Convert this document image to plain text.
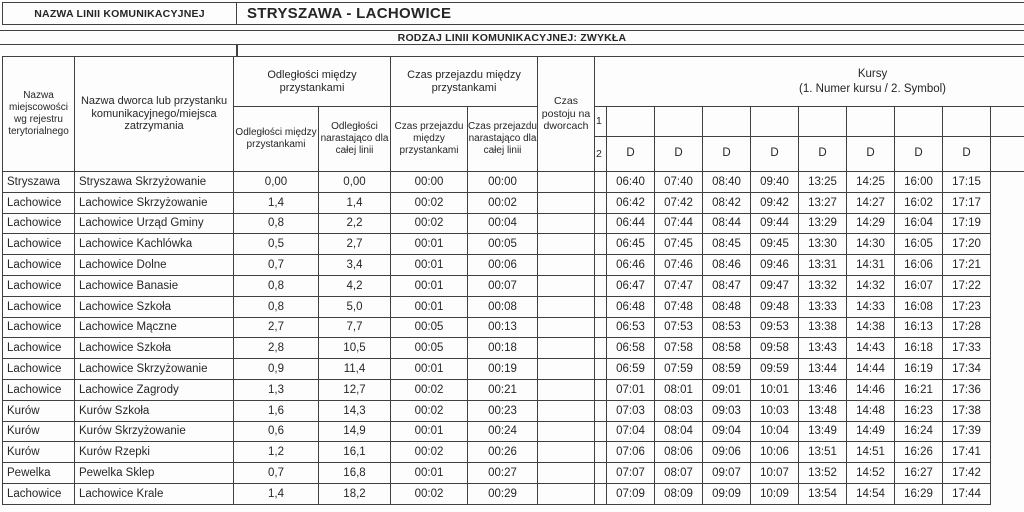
NAZWA LINII KOMUNIKACYJNEJ	STRYSZAWA - LACHOWICE
RODZAJ LINII KOMUNIKACYJNEJ: ZWYKŁA
Nazwa miejscowości wg rejestru terytorialnego	Nazwa dworca lub przystanku komunikacyjnego/miejsca zatrzymania	Odległości między przystankami		Czas przejazdu między przystankami		Czas postoju na dworcach	Kursy
(1. Numer kursu / 2. Symbol)									

		Odległości między przystankami	Odległości narastająco dla całej linii	Czas przejazdu między przystankami	Czas przejazdu narastająco dla całej linii		1									
							2	D	D	D	D	D	D	D	D	
Stryszawa	Stryszawa Skrzyżowanie	0,00	0,00	00:00	00:00			06:40	07:40	08:40	09:40	13:25	14:25	16:00	17:15	
Lachowice	Lachowice Skrzyżowanie	1,4	1,4	00:02	00:02			06:42	07:42	08:42	09:42	13:27	14:27	16:02	17:17	
Lachowice	Lachowice Urząd Gminy	0,8	2,2	00:02	00:04			06:44	07:44	08:44	09:44	13:29	14:29	16:04	17:19	
Lachowice	Lachowice Kachlówka	0,5	2,7	00:01	00:05			06:45	07:45	08:45	09:45	13:30	14:30	16:05	17:20	
Lachowice	Lachowice Dolne	0,7	3,4	00:01	00:06			06:46	07:46	08:46	09:46	13:31	14:31	16:06	17:21	
Lachowice	Lachowice Banasie	0,8	4,2	00:01	00:07			06:47	07:47	08:47	09:47	13:32	14:32	16:07	17:22	
Lachowice	Lachowice Szkoła	0,8	5,0	00:01	00:08			06:48	07:48	08:48	09:48	13:33	14:33	16:08	17:23	
Lachowice	Lachowice Mączne	2,7	7,7	00:05	00:13			06:53	07:53	08:53	09:53	13:38	14:38	16:13	17:28	
Lachowice	Lachowice Szkoła	2,8	10,5	00:05	00:18			06:58	07:58	08:58	09:58	13:43	14:43	16:18	17:33	
Lachowice	Lachowice Skrzyżowanie	0,9	11,4	00:01	00:19			06:59	07:59	08:59	09:59	13:44	14:44	16:19	17:34	
Lachowice	Lachowice Zagrody	1,3	12,7	00:02	00:21			07:01	08:01	09:01	10:01	13:46	14:46	16:21	17:36	
Kurów	Kurów Szkoła	1,6	14,3	00:02	00:23			07:03	08:03	09:03	10:03	13:48	14:48	16:23	17:38	
Kurów	Kurów Skrzyżowanie	0,6	14,9	00:01	00:24			07:04	08:04	09:04	10:04	13:49	14:49	16:24	17:39	
Kurów	Kurów Rzepki	1,2	16,1	00:02	00:26			07:06	08:06	09:06	10:06	13:51	14:51	16:26	17:41	
Pewelka	Pewelka Sklep	0,7	16,8	00:01	00:27			07:07	08:07	09:07	10:07	13:52	14:52	16:27	17:42	
Lachowice	Lachowice Krale	1,4	18,2	00:02	00:29			07:09	08:09	09:09	10:09	13:54	14:54	16:29	17:44	
